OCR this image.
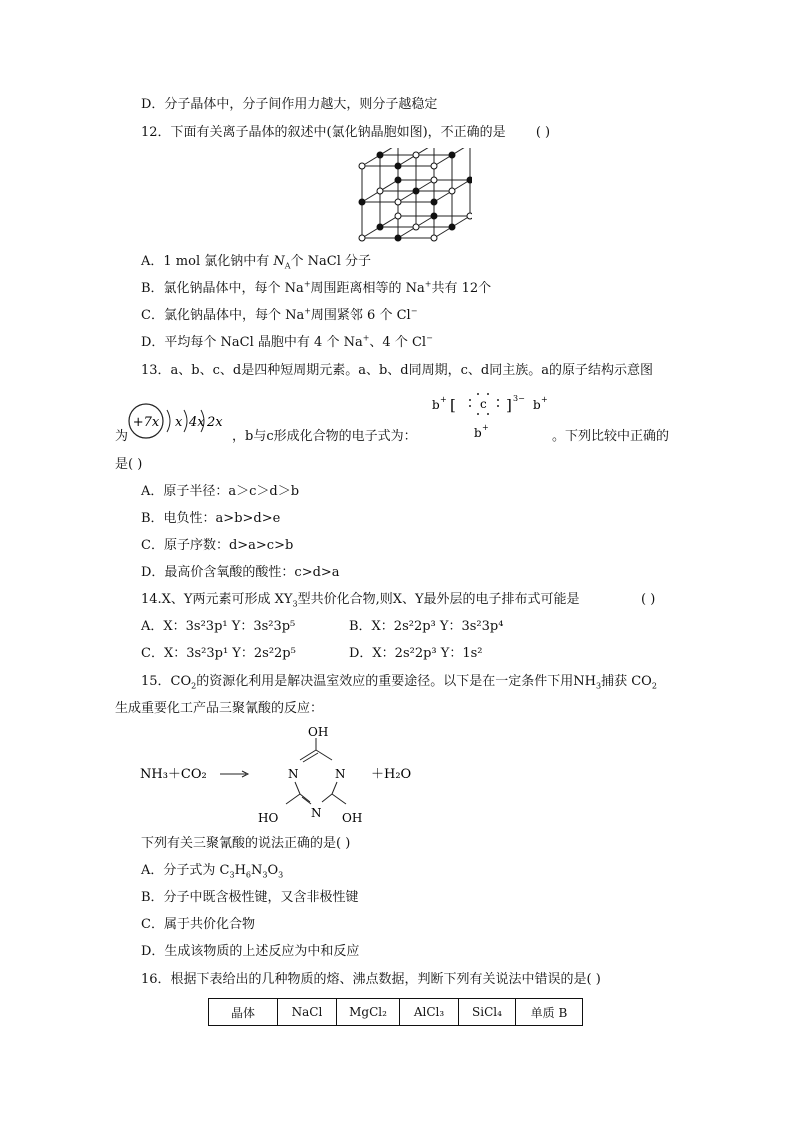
D．分子晶体中，分子间作用力越大，则分子越稳定
12．下面有关离子晶体的叙述中(氯化钠晶胞如图)，不正确的是 ( )
A．1 mol 氯化钠中有 $N_A$个 NaCl 分子
B．氯化钠晶体中，每个 Na+周围距离相等的 Na+共有 12个
C．氯化钠晶体中，每个 Na+周围紧邻 6 个 Cl−
D．平均每个 NaCl 晶胞中有 4 个 Na+、4 个 Cl−
13．a、b、c、d是四种短周期元素。a、b、d同周期，c、d同主族。a的原子结构示意图
为
+7x x 4x 2x
，b与c形成化合物的电子式为：
b + [ c ] 3− b +
b +
。下列比较中正确的
是( )
A．原子半径：a＞c＞d＞b
B．电负性：a>b>d>e
C．原子序数：d>a>c>b
D．最高价含氧酸的酸性：c>d>a
14.X、Y两元素可形成 $XY_3$型共价化合物,则X、Y最外层的电子排布式可能是	( )
A．X：3s²3p¹ Y：3s²3p⁵	B．X：2s²2p³ Y：3s²3p⁴
C．X：3s²3p¹ Y：2s²2p⁵	D．X：2s²2p³ Y：1s²
15．$CO_2$的资源化利用是解决温室效应的重要途径。以下是在一定条件下用$NH_3$捕获 $CO_2$
生成重要化工产品三聚氰酸的反应：
NH₃＋CO₂
OH
N	N
N
HO	OH
＋H₂O
下列有关三聚氰酸的说法正确的是( )
A．分子式为 $C_3H_6N_3O_3$
B．分子中既含极性键，又含非极性键
C．属于共价化合物
D．生成该物质的上述反应为中和反应
16．根据下表给出的几种物质的熔、沸点数据，判断下列有关说法中错误的是( )
晶体	NaCl	MgCl₂	AlCl₃	SiCl₄	单质 B
